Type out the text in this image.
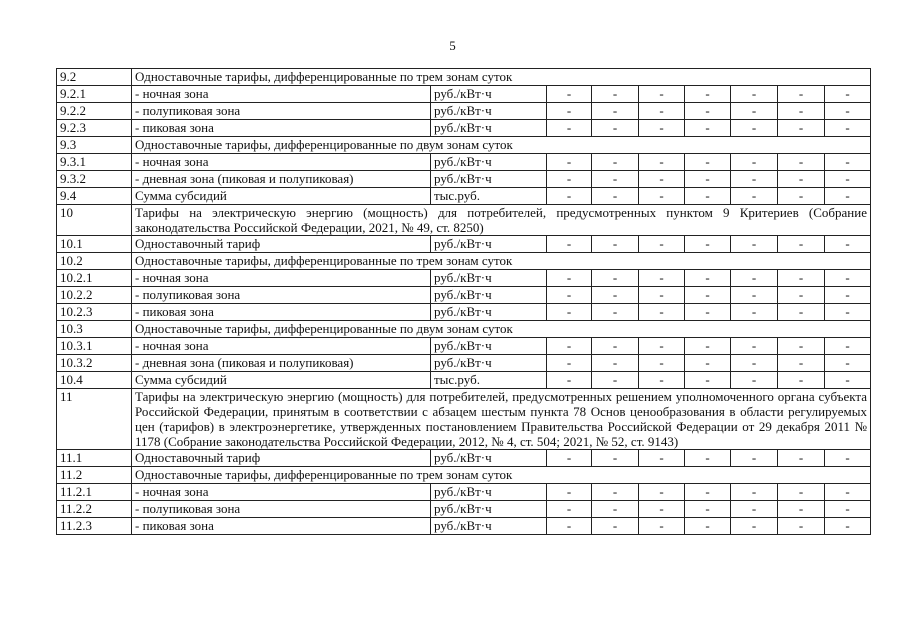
5
9.2	Одноставочные тарифы, дифференцированные по трем зонам суток								
9.2.1	- ночная зона	руб./кВт·ч	-	-	-	-	-	-	-
9.2.2	- полупиковая зона	руб./кВт·ч	-	-	-	-	-	-	-
9.2.3	- пиковая зона	руб./кВт·ч	-	-	-	-	-	-	-
9.3	Одноставочные тарифы, дифференцированные по двум зонам суток								
9.3.1	- ночная зона	руб./кВт·ч	-	-	-	-	-	-	-
9.3.2	- дневная зона (пиковая и полупиковая)	руб./кВт·ч	-	-	-	-	-	-	-
9.4	Сумма субсидий	тыс.руб.	-	-	-	-	-	-	-
10	Тарифы на электрическую энергию (мощность) для потребителей, предусмотренных пунктом 9 Критериев (Собрание законодательства Российской Федерации, 2021, № 49, ст. 8250)								
10.1	Одноставочный тариф	руб./кВт·ч	-	-	-	-	-	-	-
10.2	Одноставочные тарифы, дифференцированные по трем зонам суток								
10.2.1	- ночная зона	руб./кВт·ч	-	-	-	-	-	-	-
10.2.2	- полупиковая зона	руб./кВт·ч	-	-	-	-	-	-	-
10.2.3	- пиковая зона	руб./кВт·ч	-	-	-	-	-	-	-
10.3	Одноставочные тарифы, дифференцированные по двум зонам суток								
10.3.1	- ночная зона	руб./кВт·ч	-	-	-	-	-	-	-
10.3.2	- дневная зона (пиковая и полупиковая)	руб./кВт·ч	-	-	-	-	-	-	-
10.4	Сумма субсидий	тыс.руб.	-	-	-	-	-	-	-
11	Тарифы на электрическую энергию (мощность) для потребителей, предусмотренных решением уполномоченного органа субъекта Российской Федерации, принятым в соответствии с абзацем шестым пункта 78 Основ ценообразования в области регулируемых цен (тарифов) в электроэнергетике, утвержденных постановлением Правительства Российской Федерации от 29 декабря 2011 № 1178 (Собрание законодательства Российской Федерации, 2012, № 4, ст. 504; 2021, № 52, ст. 9143)								
11.1	Одноставочный тариф	руб./кВт·ч	-	-	-	-	-	-	-
11.2	Одноставочные тарифы, дифференцированные по трем зонам суток								
11.2.1	- ночная зона	руб./кВт·ч	-	-	-	-	-	-	-
11.2.2	- полупиковая зона	руб./кВт·ч	-	-	-	-	-	-	-
11.2.3	- пиковая зона	руб./кВт·ч	-	-	-	-	-	-	-
